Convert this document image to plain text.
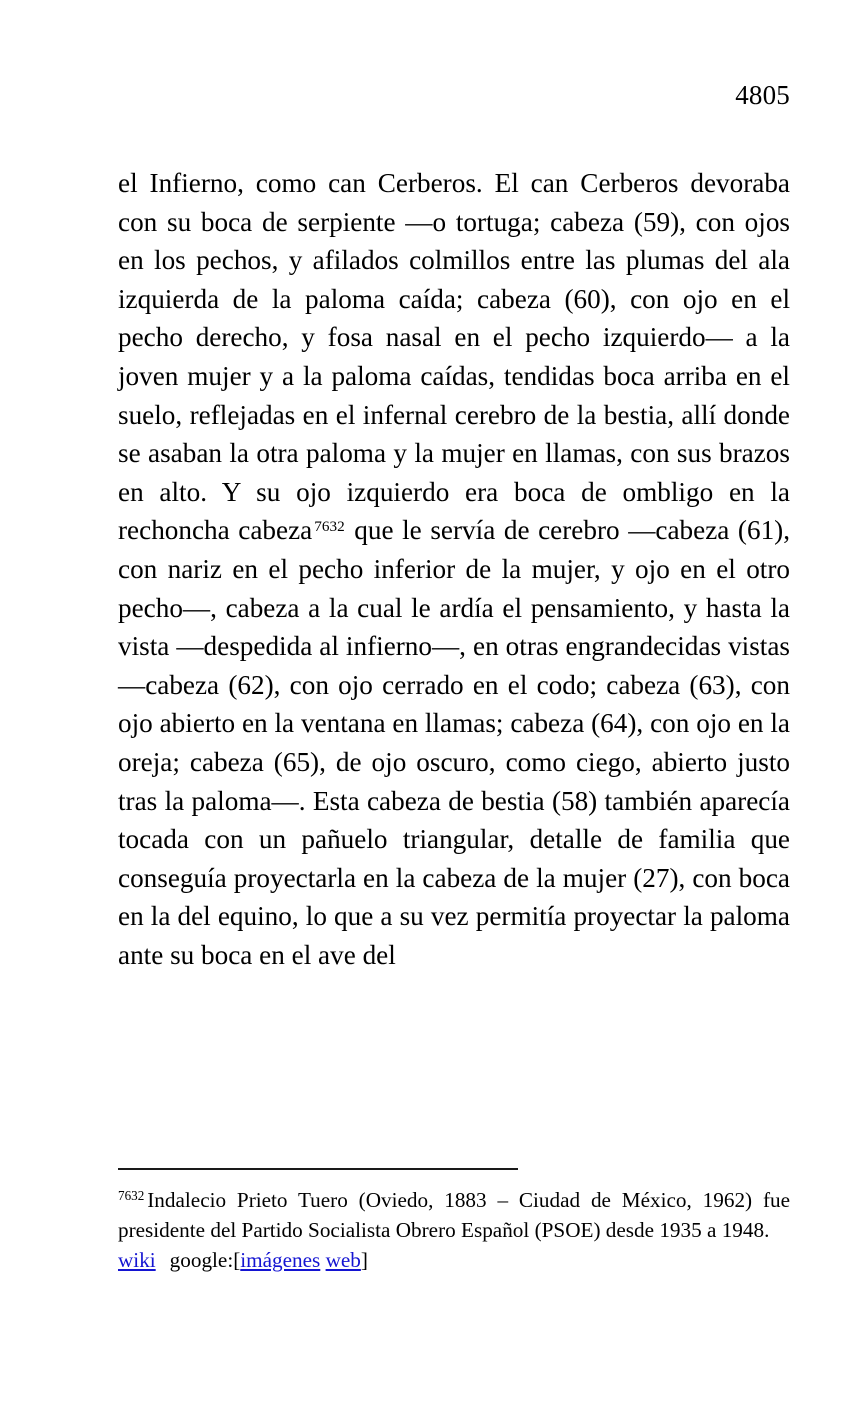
4805

el Infierno, como can Cerberos. El can Cerberos devoraba con su boca de serpiente —o tortuga; cabeza (59), con ojos en los pechos, y afilados colmillos entre las plumas del ala izquierda de la paloma caída; cabeza (60), con ojo en el pecho derecho, y fosa nasal en el pecho izquierdo— a la joven mujer y a la paloma caídas, tendidas boca arriba en el suelo, reflejadas en el infernal cerebro de la bestia, allí donde se asaban la otra paloma y la mujer en llamas, con sus brazos en alto. Y su ojo izquierdo era boca de ombligo en la rechoncha cabeza $^{7632}$ que le servía de cerebro —cabeza (61), con nariz en el pecho inferior de la mujer, y ojo en el otro pecho—, cabeza a la cual le ardía el pensamiento, y hasta la vista —despedida al infierno—, en otras engrandecidas vistas —cabeza (62), con ojo cerrado en el codo; cabeza (63), con ojo abierto en la ventana en llamas; cabeza (64), con ojo en la oreja; cabeza (65), de ojo oscuro, como ciego, abierto justo tras la paloma—. Esta cabeza de bestia (58) también aparecía tocada con un pañuelo triangular, detalle de familia que conseguía proyectarla en la cabeza de la mujer (27), con boca en la del equino, lo que a su vez permitía proyectar la paloma ante su boca en el ave del

$^{7632}$ Indalecio Prieto Tuero (Oviedo, 1883 – Ciudad de México, 1962) fue presidente del Partido Socialista Obrero Español (PSOE) desde 1935 a 1948.

wiki google:[imágenes web]
